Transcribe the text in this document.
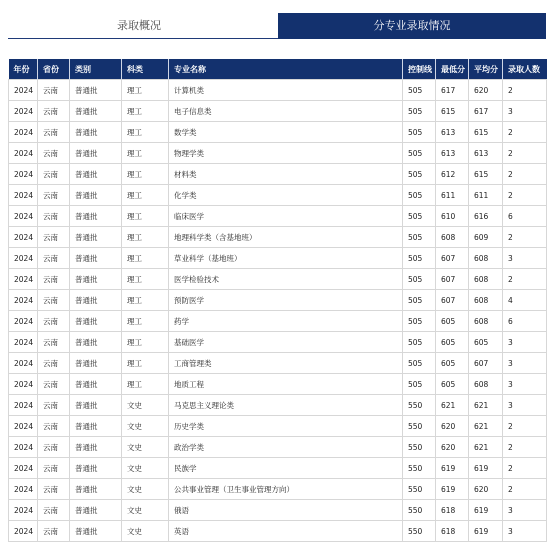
录取概况	分专业录取情况
年份	省份	类别	科类	专业名称	控制线	最低分	平均分	录取人数
2024	云南	普通批	理工	计算机类	505	617	620	2
2024	云南	普通批	理工	电子信息类	505	615	617	3
2024	云南	普通批	理工	数学类	505	613	615	2
2024	云南	普通批	理工	物理学类	505	613	613	2
2024	云南	普通批	理工	材料类	505	612	615	2
2024	云南	普通批	理工	化学类	505	611	611	2
2024	云南	普通批	理工	临床医学	505	610	616	6
2024	云南	普通批	理工	地理科学类（含基地班）	505	608	609	2
2024	云南	普通批	理工	草业科学（基地班）	505	607	608	3
2024	云南	普通批	理工	医学检验技术	505	607	608	2
2024	云南	普通批	理工	预防医学	505	607	608	4
2024	云南	普通批	理工	药学	505	605	608	6
2024	云南	普通批	理工	基础医学	505	605	605	3
2024	云南	普通批	理工	工商管理类	505	605	607	3
2024	云南	普通批	理工	地质工程	505	605	608	3
2024	云南	普通批	文史	马克思主义理论类	550	621	621	3
2024	云南	普通批	文史	历史学类	550	620	621	2
2024	云南	普通批	文史	政治学类	550	620	621	2
2024	云南	普通批	文史	民族学	550	619	619	2
2024	云南	普通批	文史	公共事业管理（卫生事业管理方向）	550	619	620	2
2024	云南	普通批	文史	俄语	550	618	619	3
2024	云南	普通批	文史	英语	550	618	619	3
